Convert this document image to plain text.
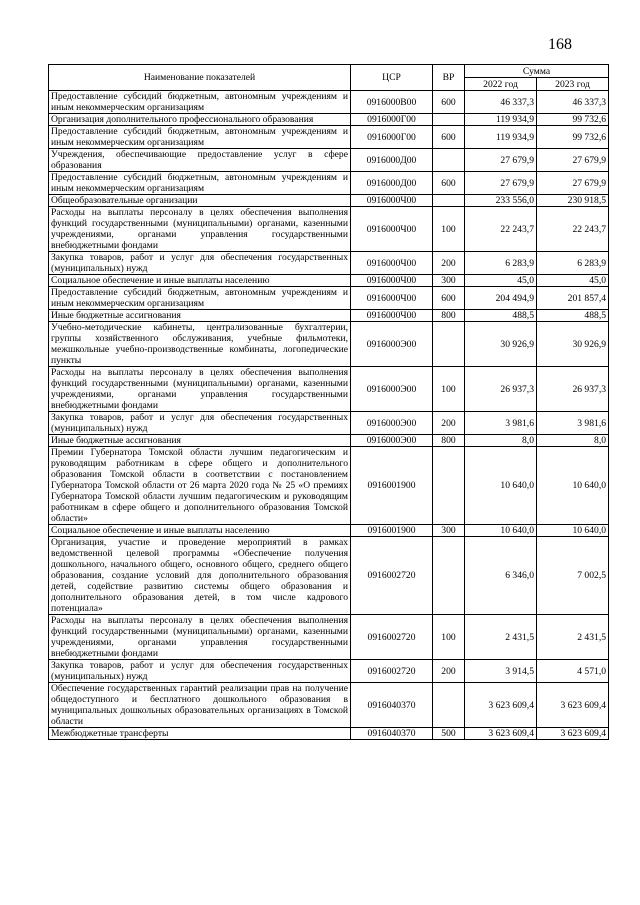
168
Наименование показателей	ЦСР	ВР	Сумма	
			2022 год	2023 год
Предоставление субсидий бюджетным, автономным учреждениям и иным некоммерческим организациям	0916000В00	600	46 337,3	46 337,3
Организация дополнительного профессионального образования	0916000Г00		119 934,9	99 732,6
Предоставление субсидий бюджетным, автономным учреждениям и иным некоммерческим организациям	0916000Г00	600	119 934,9	99 732,6
Учреждения, обеспечивающие предоставление услуг в сфере образования	0916000Д00		27 679,9	27 679,9
Предоставление субсидий бюджетным, автономным учреждениям и иным некоммерческим организациям	0916000Д00	600	27 679,9	27 679,9
Общеобразовательные организации	0916000Ч00		233 556,0	230 918,5
Расходы на выплаты персоналу в целях обеспечения выполнения функций государственными (муниципальными) органами, казенными учреждениями, органами управления государственными внебюджетными фондами	0916000Ч00	100	22 243,7	22 243,7
Закупка товаров, работ и услуг для обеспечения государственных (муниципальных) нужд	0916000Ч00	200	6 283,9	6 283,9
Социальное обеспечение и иные выплаты населению	0916000Ч00	300	45,0	45,0
Предоставление субсидий бюджетным, автономным учреждениям и иным некоммерческим организациям	0916000Ч00	600	204 494,9	201 857,4
Иные бюджетные ассигнования	0916000Ч00	800	488,5	488,5
Учебно-методические кабинеты, централизованные бухгалтерии, группы хозяйственного обслуживания, учебные фильмотеки, межшкольные учебно-производственные комбинаты, логопедические пункты	0916000Э00		30 926,9	30 926,9
Расходы на выплаты персоналу в целях обеспечения выполнения функций государственными (муниципальными) органами, казенными учреждениями, органами управления государственными внебюджетными фондами	0916000Э00	100	26 937,3	26 937,3
Закупка товаров, работ и услуг для обеспечения государственных (муниципальных) нужд	0916000Э00	200	3 981,6	3 981,6
Иные бюджетные ассигнования	0916000Э00	800	8,0	8,0
Премии Губернатора Томской области лучшим педагогическим и руководящим работникам в сфере общего и дополнительного образования Томской области в соответствии с постановлением Губернатора Томской области от 26 марта 2020 года № 25 «О премиях Губернатора Томской области лучшим педагогическим и руководящим работникам в сфере общего и дополнительного образования Томской области»	0916001900		10 640,0	10 640,0
Социальное обеспечение и иные выплаты населению	0916001900	300	10 640,0	10 640,0
Организация, участие и проведение мероприятий в рамках ведомственной целевой программы «Обеспечение получения дошкольного, начального общего, основного общего, среднего общего образования, создание условий для дополнительного образования детей, содействие развитию системы общего образования и дополнительного образования детей, в том числе кадрового потенциала»	0916002720		6 346,0	7 002,5
Расходы на выплаты персоналу в целях обеспечения выполнения функций государственными (муниципальными) органами, казенными учреждениями, органами управления государственными внебюджетными фондами	0916002720	100	2 431,5	2 431,5
Закупка товаров, работ и услуг для обеспечения государственных (муниципальных) нужд	0916002720	200	3 914,5	4 571,0
Обеспечение государственных гарантий реализации прав на получение общедоступного и бесплатного дошкольного образования в муниципальных дошкольных образовательных организациях в Томской области	0916040370		3 623 609,4	3 623 609,4
Межбюджетные трансферты	0916040370	500	3 623 609,4	3 623 609,4
